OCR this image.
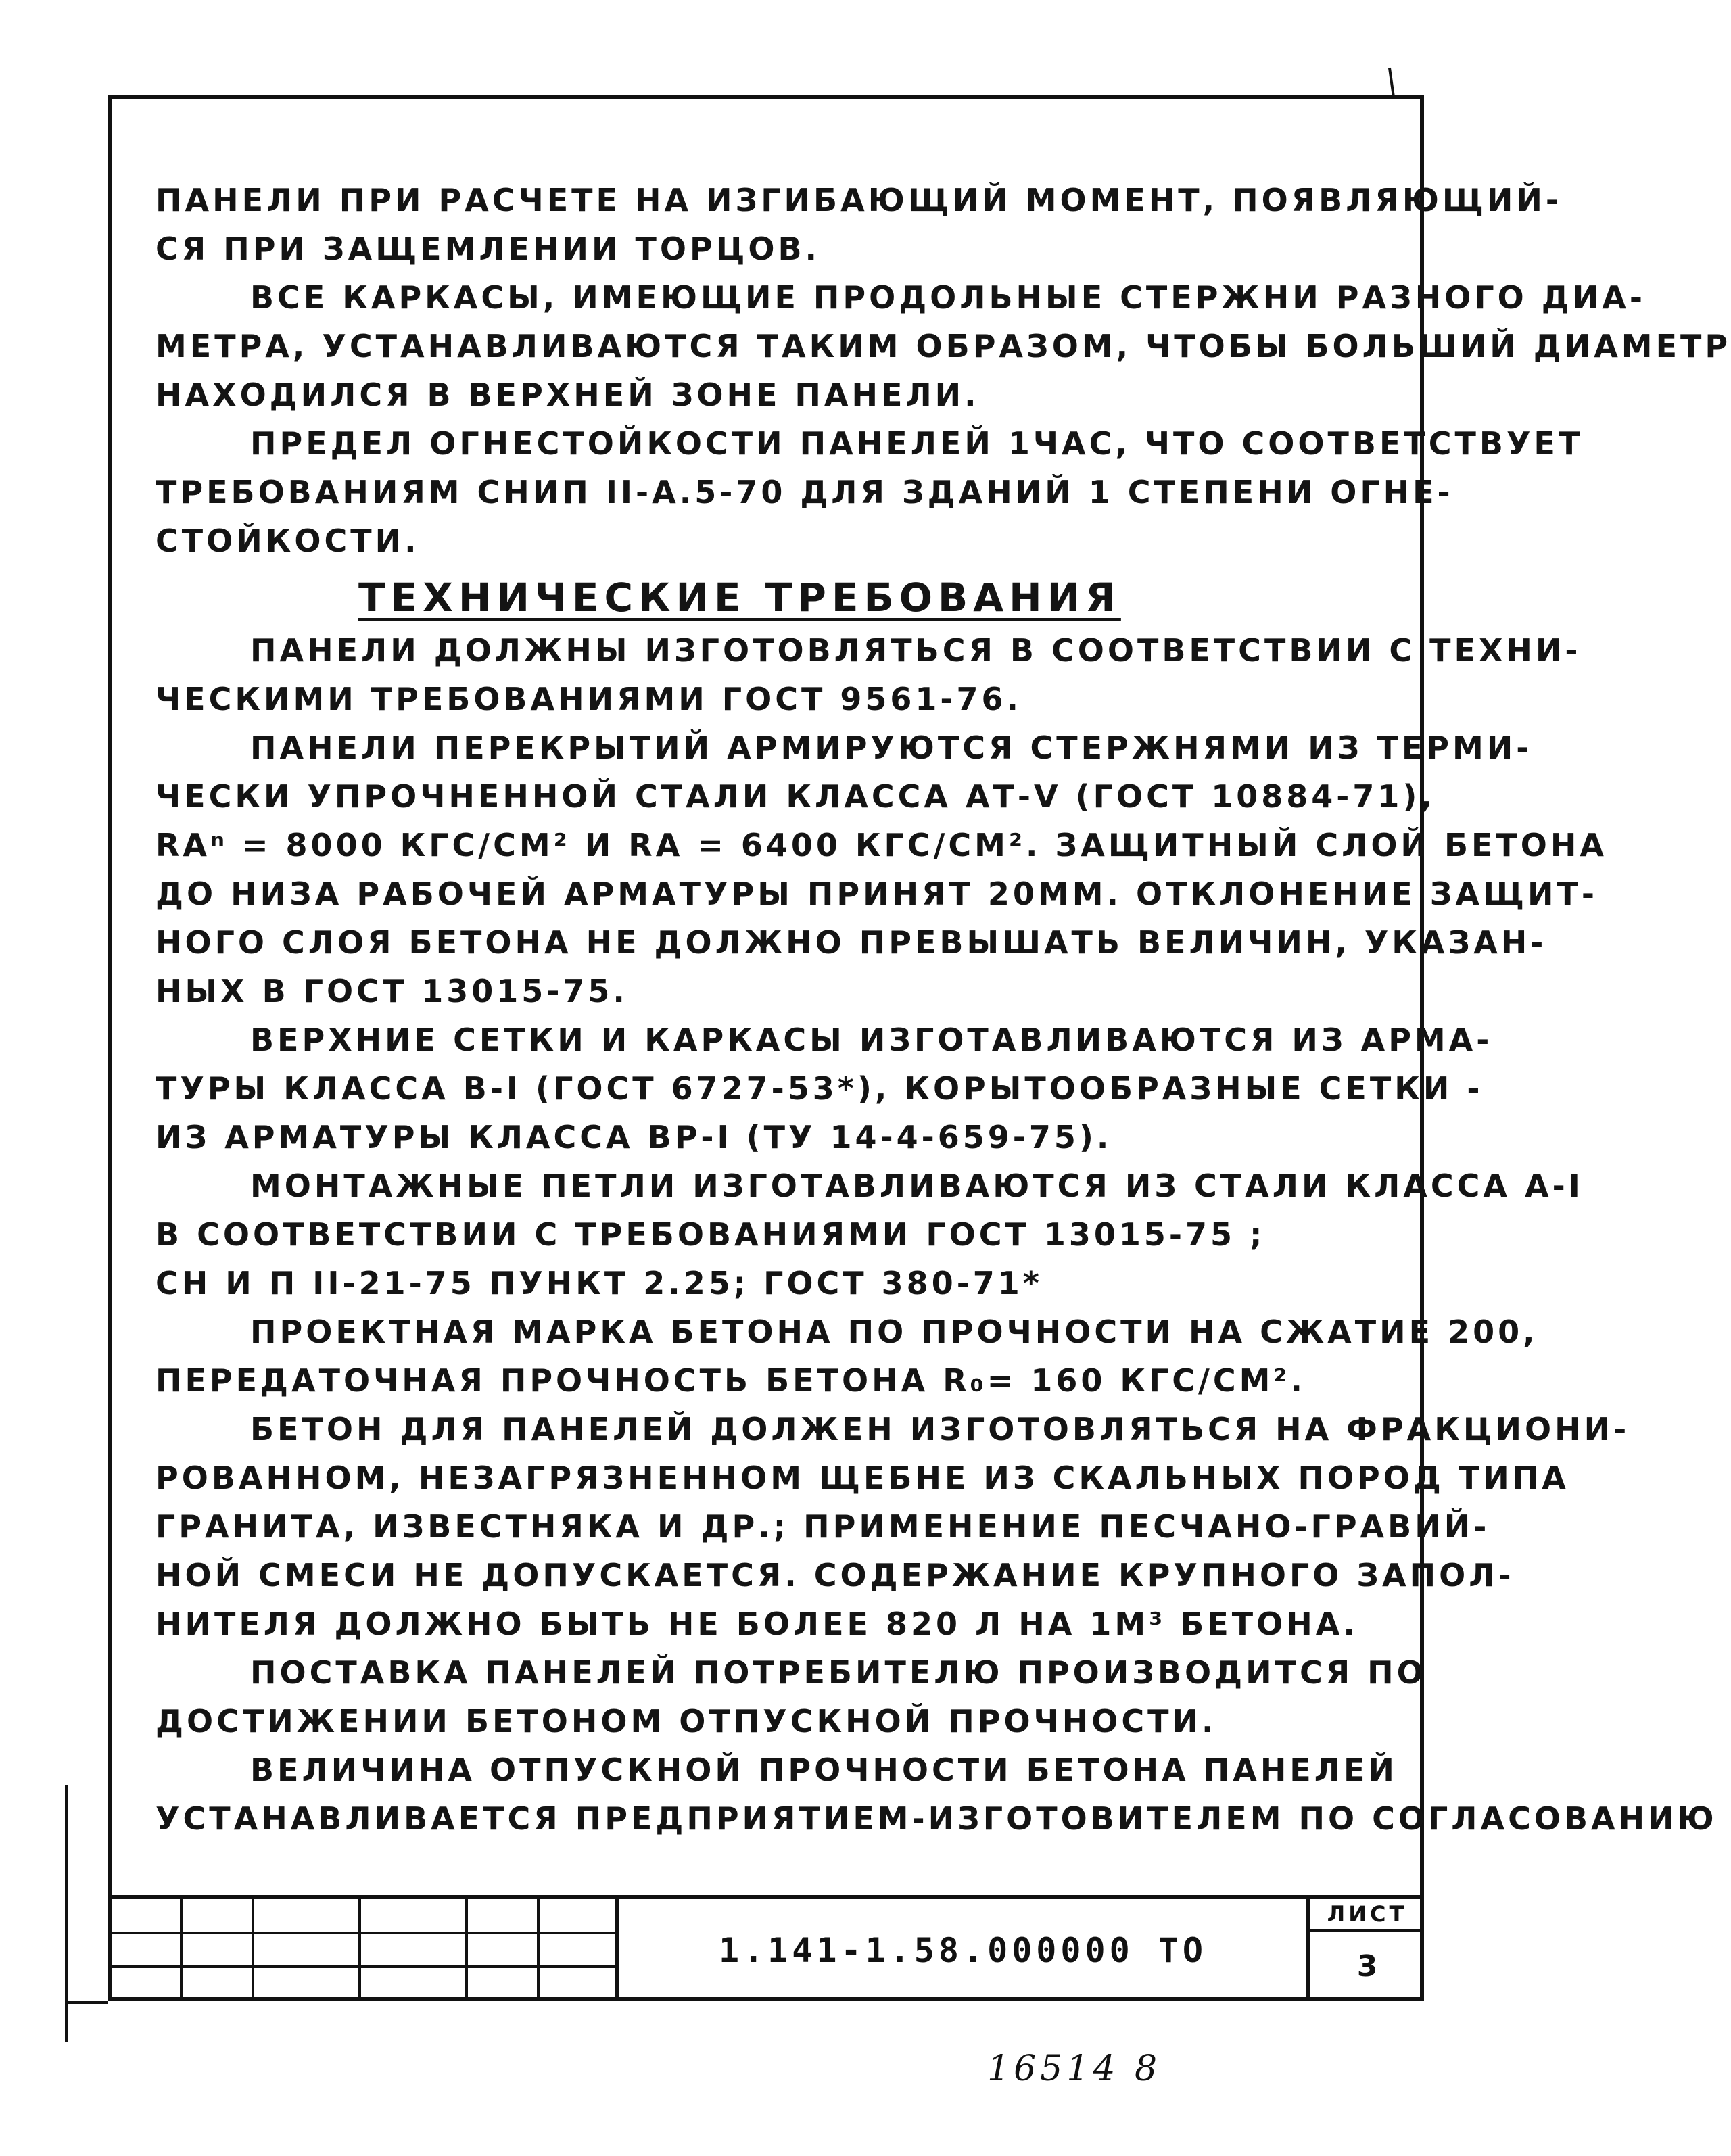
ПАНЕЛИ ПРИ РАСЧЕТЕ НА ИЗГИБАЮЩИЙ МОМЕНТ, ПОЯВЛЯЮЩИЙ-
СЯ ПРИ ЗАЩЕМЛЕНИИ ТОРЦОВ.

ВСЕ КАРКАСЫ, ИМЕЮЩИЕ ПРОДОЛЬНЫЕ СТЕРЖНИ РАЗНОГО ДИА-
МЕТРА, УСТАНАВЛИВАЮТСЯ ТАКИМ ОБРАЗОМ, ЧТОБЫ БОЛЬШИЙ ДИАМЕТР
НАХОДИЛСЯ В ВЕРХНЕЙ ЗОНЕ ПАНЕЛИ.

ПРЕДЕЛ ОГНЕСТОЙКОСТИ ПАНЕЛЕЙ 1ЧАС, ЧТО СООТВЕТСТВУЕТ
ТРЕБОВАНИЯМ СНИП ІІ-А.5-70 ДЛЯ ЗДАНИЙ 1 СТЕПЕНИ ОГНЕ-
СТОЙКОСТИ.

ТЕХНИЧЕСКИЕ ТРЕБОВАНИЯ

ПАНЕЛИ ДОЛЖНЫ ИЗГОТОВЛЯТЬСЯ В СООТВЕТСТВИИ С ТЕХНИ-
ЧЕСКИМИ ТРЕБОВАНИЯМИ ГОСТ 9561-76.

ПАНЕЛИ ПЕРЕКРЫТИЙ АРМИРУЮТСЯ СТЕРЖНЯМИ ИЗ ТЕРМИ-
ЧЕСКИ УПРОЧНЕННОЙ СТАЛИ КЛАССА АТ-V (ГОСТ 10884-71),
RАⁿ = 8000 КГС/СМ² И RА = 6400 КГС/СМ². ЗАЩИТНЫЙ СЛОЙ БЕТОНА
ДО НИЗА РАБОЧЕЙ АРМАТУРЫ ПРИНЯТ 20ММ. ОТКЛОНЕНИЕ ЗАЩИТ-
НОГО СЛОЯ БЕТОНА НЕ ДОЛЖНО ПРЕВЫШАТЬ ВЕЛИЧИН, УКАЗАН-
НЫХ В ГОСТ 13015-75.

ВЕРХНИЕ СЕТКИ И КАРКАСЫ ИЗГОТАВЛИВАЮТСЯ ИЗ АРМА-
ТУРЫ КЛАССА В-I (ГОСТ 6727-53*), КОРЫТООБРАЗНЫЕ СЕТКИ -
ИЗ АРМАТУРЫ КЛАССА ВР-I (ТУ 14-4-659-75).

МОНТАЖНЫЕ ПЕТЛИ ИЗГОТАВЛИВАЮТСЯ ИЗ СТАЛИ КЛАССА А-I
В СООТВЕТСТВИИ С ТРЕБОВАНИЯМИ ГОСТ 13015-75 ;
СН И П ІІ-21-75 ПУНКТ 2.25; ГОСТ 380-71*

ПРОЕКТНАЯ МАРКА БЕТОНА ПО ПРОЧНОСТИ НА СЖАТИЕ 200,
ПЕРЕДАТОЧНАЯ ПРОЧНОСТЬ БЕТОНА R₀= 160 КГС/СМ².

БЕТОН ДЛЯ ПАНЕЛЕЙ ДОЛЖЕН ИЗГОТОВЛЯТЬСЯ НА ФРАКЦИОНИ-
РОВАННОМ, НЕЗАГРЯЗНЕННОМ ЩЕБНЕ ИЗ СКАЛЬНЫХ ПОРОД ТИПА
ГРАНИТА, ИЗВЕСТНЯКА И ДР.; ПРИМЕНЕНИЕ ПЕСЧАНО-ГРАВИЙ-
НОЙ СМЕСИ НЕ ДОПУСКАЕТСЯ. СОДЕРЖАНИЕ КРУПНОГО ЗАПОЛ-
НИТЕЛЯ ДОЛЖНО БЫТЬ НЕ БОЛЕЕ 820 Л НА 1М³ БЕТОНА.

ПОСТАВКА ПАНЕЛЕЙ ПОТРЕБИТЕЛЮ ПРОИЗВОДИТСЯ ПО
ДОСТИЖЕНИИ БЕТОНОМ ОТПУСКНОЙ ПРОЧНОСТИ.

ВЕЛИЧИНА ОТПУСКНОЙ ПРОЧНОСТИ БЕТОНА ПАНЕЛЕЙ
УСТАНАВЛИВАЕТСЯ ПРЕДПРИЯТИЕМ-ИЗГОТОВИТЕЛЕМ ПО СОГЛАСОВАНИЮ

1.141-1.58.000000 ТО
ЛИСТ
3
16514 8
